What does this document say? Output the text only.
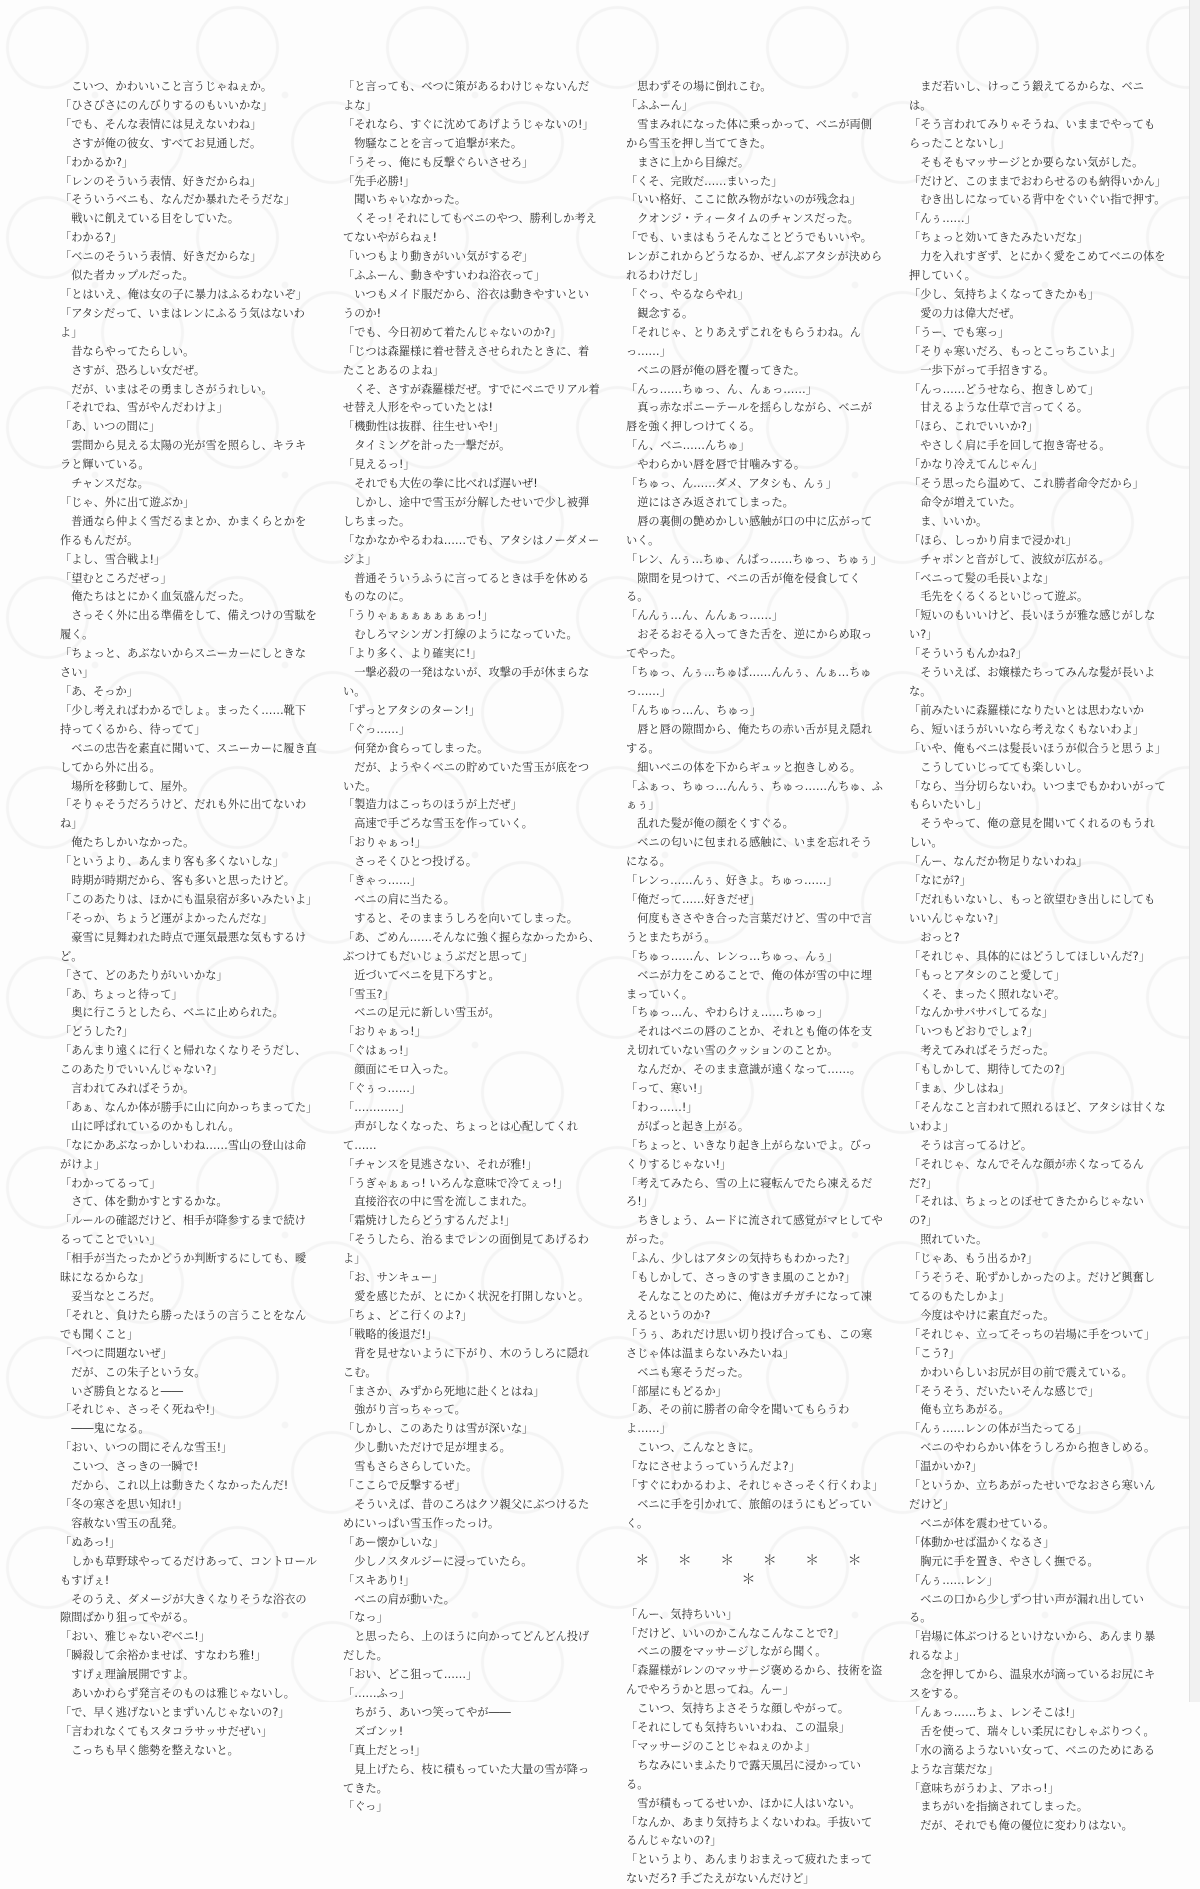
こいつ、かわいいこと言うじゃねぇか。

「ひさびさにのんびりするのもいいかな」

「でも、そんな表情には見えないわね」

さすが俺の彼女、すべてお見通しだ。

「わかるか?」

「レンのそういう表情、好きだからね」

「そういうベニも、なんだか暴れたそうだな」

戦いに飢えている目をしていた。

「わかる?」

「ベニのそういう表情、好きだからな」

似た者カップルだった。

「とはいえ、俺は女の子に暴力はふるわないぞ」

「アタシだって、いまはレンにふるう気はないわよ」

昔ならやってたらしい。

さすが、恐ろしい女だぜ。

だが、いまはその勇ましさがうれしい。

「それでね、雪がやんだわけよ」

「あ、いつの間に」

雲間から見える太陽の光が雪を照らし、キラキラと輝いている。

チャンスだな。

「じゃ、外に出て遊ぶか」

普通なら仲よく雪だるまとか、かまくらとかを作るもんだが。

「よし、雪合戦よ!」

「望むところだぜっ」

俺たちはとにかく血気盛んだった。

さっそく外に出る準備をして、備えつけの雪駄を履く。

「ちょっと、あぶないからスニーカーにしときなさい」

「あ、そっか」

「少し考えればわかるでしょ。まったく……靴下持ってくるから、待ってて」

ベニの忠告を素直に聞いて、スニーカーに履き直してから外に出る。

場所を移動して、屋外。

「そりゃそうだろうけど、だれも外に出てないわね」

俺たちしかいなかった。

「というより、あんまり客も多くないしな」

時期が時期だから、客も多いと思ったけど。

「このあたりは、ほかにも温泉宿が多いみたいよ」

「そっか、ちょうど運がよかったんだな」

豪雪に見舞われた時点で運気最悪な気もするけど。

「さて、どのあたりがいいかな」

「あ、ちょっと待って」

奥に行こうとしたら、ベニに止められた。

「どうした?」

「あんまり遠くに行くと帰れなくなりそうだし、このあたりでいいんじゃない?」

言われてみればそうか。

「あぁ、なんか体が勝手に山に向かっちまってた」

山に呼ばれているのかもしれん。

「なにかあぶなっかしいわね……雪山の登山は命がけよ」

「わかってるって」

さて、体を動かすとするかな。

「ルールの確認だけど、相手が降参するまで続けるってことでいい」

「相手が当たったかどうか判断するにしても、曖昧になるからな」

妥当なところだ。

「それと、負けたら勝ったほうの言うことをなんでも聞くこと」

「べつに問題ないぜ」

だが、この朱子という女。

いざ勝負となると――

「それじゃ、さっそく死ねや!」

――鬼になる。

「おい、いつの間にそんな雪玉!」

こいつ、さっきの一瞬で!

だから、これ以上は動きたくなかったんだ!

「冬の寒さを思い知れ!」

容赦ない雪玉の乱発。

「ぬあっ!」

しかも草野球やってるだけあって、コントロールもすげぇ!

そのうえ、ダメージが大きくなりそうな浴衣の隙間ばかり狙ってやがる。

「おい、雅じゃないぞベニ!」

「瞬殺して余裕かませば、すなわち雅!」

すげぇ理論展開ですよ。

あいかわらず発言そのものは雅じゃないし。

「で、早く逃げないとまずいんじゃないの?」

「言われなくてもスタコラサッサだぜい」

こっちも早く態勢を整えないと。

「と言っても、べつに策があるわけじゃないんだよな」

「それなら、すぐに沈めてあげようじゃないの!」

物騒なことを言って追撃が来た。

「うそっ、俺にも反撃ぐらいさせろ」

「先手必勝!」

聞いちゃいなかった。

くそっ! それにしてもベニのやつ、勝利しか考えてないやがらねぇ!

「いつもより動きがいい気がするぞ」

「ふふーん、動きやすいわね浴衣って」

いつもメイド服だから、浴衣は動きやすいというのか!

「でも、今日初めて着たんじゃないのか?」

「じつは森羅様に着せ替えさせられたときに、着たことあるのよね」

くそ、さすが森羅様だぜ。すでにベニでリアル着せ替え人形をやっていたとは!

「機動性は抜群、往生せいや!」

タイミングを計った一撃だが。

「見えるっ!」

それでも大佐の拳に比べれば遅いぜ!

しかし、途中で雪玉が分解したせいで少し被弾しちまった。

「なかなかやるわね……でも、アタシはノーダメージよ」

普通そういうふうに言ってるときは手を休めるものなのに。

「うりゃぁぁぁぁぁぁぁっ!」

むしろマシンガン打線のようになっていた。

「より多く、より確実に!」

一撃必殺の一発はないが、攻撃の手が休まらない。

「ずっとアタシのターン!」

「ぐっ……」

何発か食らってしまった。

だが、ようやくベニの貯めていた雪玉が底をついた。

「製造力はこっちのほうが上だぜ」

高速で手ごろな雪玉を作っていく。

「おりゃぁっ!」

さっそくひとつ投げる。

「きゃっ……」

ベニの肩に当たる。

すると、そのままうしろを向いてしまった。

「あ、ごめん……そんなに強く握らなかったから、ぶつけてもだいじょうぶだと思って」

近づいてベニを見下ろすと。

「雪玉?」

ベニの足元に新しい雪玉が。

「おりゃぁっ!」

「ぐはぁっ!」

顔面にモロ入った。

「ぐぅっ……」

「…………」

声がしなくなった、ちょっとは心配してくれて……

「チャンスを見逃さない、それが雅!」

「うぎゃぁぁっ! いろんな意味で冷てぇっ!」

直接浴衣の中に雪を流しこまれた。

「霜焼けしたらどうするんだよ!」

「そうしたら、治るまでレンの面倒見てあげるわよ」

「お、サンキュー」

愛を感じたが、とにかく状況を打開しないと。

「ちょ、どこ行くのよ?」

「戦略的後退だ!」

背を見せないように下がり、木のうしろに隠れこむ。

「まさか、みずから死地に赴くとはね」

強がり言っちゃって。

「しかし、このあたりは雪が深いな」

少し動いただけで足が埋まる。

雪もさらさらしていた。

「ここらで反撃するぜ」

そういえば、昔のころはクソ親父にぶつけるためにいっぱい雪玉作ったっけ。

「あー懐かしいな」

少しノスタルジーに浸っていたら。

「スキあり!」

ベニの肩が動いた。

「なっ」

と思ったら、上のほうに向かってどんどん投げだした。

「おい、どこ狙って……」

「……ふっ」

ちがう、あいつ笑ってやが――

ズゴンッ!

「真上だとっ!」

見上げたら、枝に積もっていた大量の雪が降ってきた。

「ぐっ」

思わずその場に倒れこむ。

「ふふーん」

雪まみれになった体に乗っかって、ベニが両側から雪玉を押し当ててきた。

まさに上から目線だ。

「くそ、完敗だ……まいった」

「いい格好、ここに飲み物がないのが残念ね」

クオンジ・ティータイムのチャンスだった。

「でも、いまはもうそんなことどうでもいいや。レンがこれからどうなるか、ぜんぶアタシが決められるわけだし」

「ぐっ、やるならやれ」

観念する。

「それじゃ、とりあえずこれをもらうわね。んっ……」

ベニの唇が俺の唇を覆ってきた。

「んっ……ちゅっ、ん、んぁっ……」

真っ赤なポニーテールを揺らしながら、ベニが唇を強く押しつけてくる。

「ん、ベニ……んちゅ」

やわらかい唇を唇で甘噛みする。

「ちゅっ、ん……ダメ、アタシも、んぅ」

逆にはさみ返されてしまった。

唇の裏側の艶めかしい感触が口の中に広がっていく。

「レン、んぅ…ちゅ、んぱっ……ちゅっ、ちゅぅ」

隙間を見つけて、ベニの舌が俺を侵食してくる。

「んんぅ…ん、んんぁっ……」

おそるおそる入ってきた舌を、逆にからめ取ってやった。

「ちゅっ、んぅ…ちゅぱ……んんぅ、んぁ…ちゅっ……」

「んちゅっ…ん、ちゅっ」

唇と唇の隙間から、俺たちの赤い舌が見え隠れする。

細いベニの体を下からギュッと抱きしめる。

「ふぁっ、ちゅっ…んんぅ、ちゅっ……んちゅ、ふぁぅ」

乱れた髪が俺の顔をくすぐる。

ベニの匂いに包まれる感触に、いまを忘れそうになる。

「レンっ……んぅ、好きよ。ちゅっ……」

「俺だって……好きだぜ」

何度もささやき合った言葉だけど、雪の中で言うとまたちがう。

「ちゅっ……ん、レンっ…ちゅっ、んぅ」

ベニが力をこめることで、俺の体が雪の中に埋まっていく。

「ちゅっ…ん、やわらけぇ……ちゅっ」

それはベニの唇のことか、それとも俺の体を支え切れていない雪のクッションのことか。

なんだか、そのまま意識が遠くなって……。

「って、寒い!」

「わっ……!」

がばっと起き上がる。

「ちょっと、いきなり起き上がらないでよ。びっくりするじゃない!」

「考えてみたら、雪の上に寝転んでたら凍えるだろ!」

ちきしょう、ムードに流されて感覚がマヒしてやがった。

「ふん、少しはアタシの気持ちもわかった?」

「もしかして、さっきのすきま風のことか?」

そんなことのために、俺はガチガチになって凍えるというのか?

「うぅ、あれだけ思い切り投げ合っても、この寒さじゃ体は温まらないみたいね」

ベニも寒そうだった。

「部屋にもどるか」

「あ、その前に勝者の命令を聞いてもらうわよ……」

こいつ、こんなときに。

「なにさせようっていうんだよ?」

「すぐにわかるわよ、それじゃさっそく行くわよ」

ベニに手を引かれて、旅館のほうにもどっていく。

＊ ＊ ＊ ＊ ＊ ＊ ＊

「んー、気持ちいい」

「だけど、いいのかこんなこんなことで?」

ベニの腰をマッサージしながら聞く。

「森羅様がレンのマッサージ褒めるから、技術を盗んでやろうかと思ってね。んー」

こいつ、気持ちよさそうな顔しやがって。

「それにしても気持ちいいわね、この温泉」

「マッサージのことじゃねぇのかよ」

ちなみにいまふたりで露天風呂に浸かっている。

雪が積もってるせいか、ほかに人はいない。

「なんか、あまり気持ちよくないわね。手抜いてるんじゃないの?」

「というより、あんまりおまえって疲れたまってないだろ? 手ごたえがないんだけど」

まだ若いし、けっこう鍛えてるからな、ベニは。

「そう言われてみりゃそうね、いままでやってもらったことないし」

そもそもマッサージとか要らない気がした。

「だけど、このままでおわらせるのも納得いかん」

むき出しになっている背中をぐいぐい指で押す。

「んぅ……」

「ちょっと効いてきたみたいだな」

力を入れすぎず、とにかく愛をこめてベニの体を押していく。

「少し、気持ちよくなってきたかも」

愛の力は偉大だぜ。

「うー、でも寒っ」

「そりゃ寒いだろ、もっとこっちこいよ」

一歩下がって手招きする。

「んっ……どうせなら、抱きしめて」

甘えるような仕草で言ってくる。

「ほら、これでいいか?」

やさしく肩に手を回して抱き寄せる。

「かなり冷えてんじゃん」

「そう思ったら温めて、これ勝者命令だから」

命令が増えていた。

ま、いいか。

「ほら、しっかり肩まで浸かれ」

チャポンと音がして、波紋が広がる。

「ベニって髪の毛長いよな」

毛先をくるくるといじって遊ぶ。

「短いのもいいけど、長いほうが雅な感じがしない?」

「そういうもんかね?」

そういえば、お嬢様たちってみんな髪が長いよな。

「前みたいに森羅様になりたいとは思わないから、短いほうがいいなら考えなくもないわよ」

「いや、俺もベニは髪長いほうが似合うと思うよ」

こうしていじってても楽しいし。

「なら、当分切らないわ。いつまでもかわいがってもらいたいし」

そうやって、俺の意見を聞いてくれるのもうれしい。

「んー、なんだか物足りないわね」

「なにが?」

「だれもいないし、もっと欲望むき出しにしてもいいんじゃない?」

おっと?

「それじゃ、具体的にはどうしてほしいんだ?」

「もっとアタシのこと愛して」

くそ、まったく照れないぞ。

「なんかサバサバしてるな」

「いつもどおりでしょ?」

考えてみればそうだった。

「もしかして、期待してたの?」

「まぁ、少しはね」

「そんなこと言われて照れるほど、アタシは甘くないわよ」

そうは言ってるけど。

「それじゃ、なんでそんな顔が赤くなってるんだ?」

「それは、ちょっとのぼせてきたからじゃないの?」

照れていた。

「じゃあ、もう出るか?」

「うそうそ、恥ずかしかったのよ。だけど興奮してるのもたしかよ」

今度はやけに素直だった。

「それじゃ、立ってそっちの岩場に手をついて」

「こう?」

かわいらしいお尻が目の前で震えている。

「そうそう、だいたいそんな感じで」

俺も立ちあがる。

「んぅ……レンの体が当たってる」

ベニのやわらかい体をうしろから抱きしめる。

「温かいか?」

「というか、立ちあがったせいでなおさら寒いんだけど」

ベニが体を震わせている。

「体動かせば温かくなるさ」

胸元に手を置き、やさしく撫でる。

「んぅ……レン」

ベニの口から少しずつ甘い声が漏れ出している。

「岩場に体ぶつけるといけないから、あんまり暴れるなよ」

念を押してから、温泉水が滴っているお尻にキスをする。

「んぁっ……ちょ、レンそこは!」

舌を使って、瑞々しい柔尻にむしゃぶりつく。

「水の滴るようないい女って、ベニのためにあるような言葉だな」

「意味ちがうわよ、アホっ!」

まちがいを指摘されてしまった。

だが、それでも俺の優位に変わりはない。
